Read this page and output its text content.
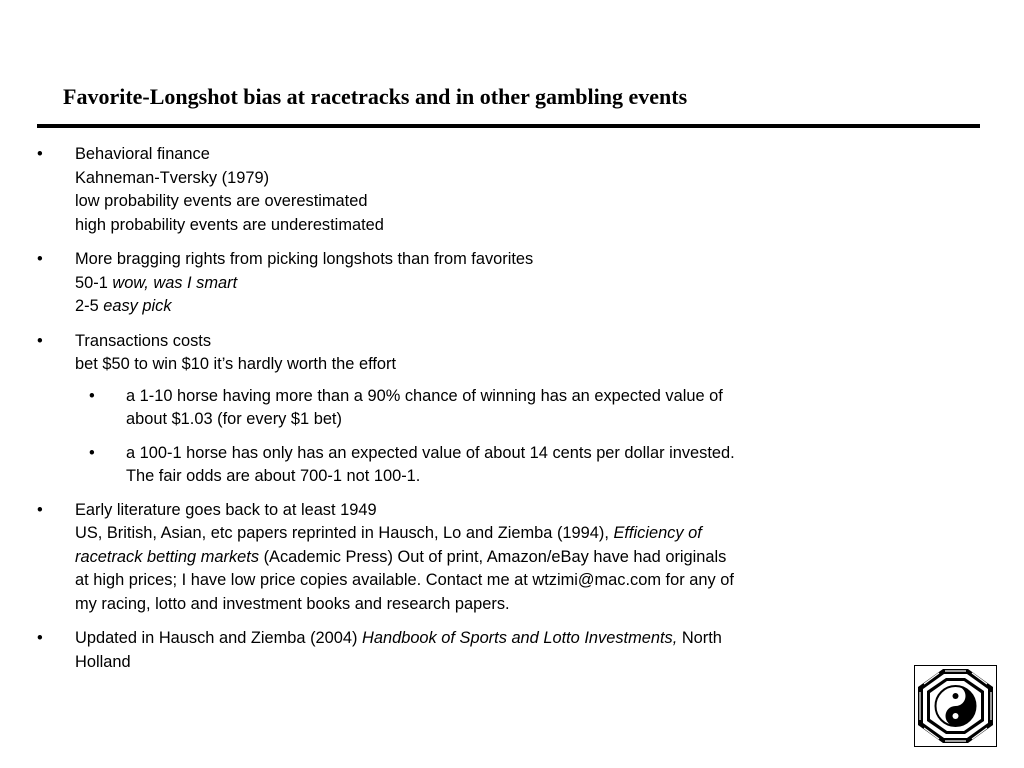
Favorite-Longshot bias at racetracks and in other gambling events
• Behavioral finance
Kahneman-Tversky (1979)
low probability events are overestimated
high probability events are underestimated
• More bragging rights from picking longshots than from favorites
50-1 wow, was I smart
2-5 easy pick
• Transactions costs
bet $50 to win $10 it’s hardly worth the effort
• a 1-10 horse having more than a 90% chance of winning has an expected value of
about $1.03 (for every $1 bet)
• a 100-1 horse has only has an expected value of about 14 cents per dollar invested.
The fair odds are about 700-1 not 100-1.
• Early literature goes back to at least 1949
US, British, Asian, etc papers reprinted in Hausch, Lo and Ziemba (1994), Efficiency of
racetrack betting markets (Academic Press) Out of print, Amazon/eBay have had originals
at high prices; I have low price copies available. Contact me at wtzimi@mac.com for any of
my racing, lotto and investment books and research papers.
• Updated in Hausch and Ziemba (2004) Handbook of Sports and Lotto Investments, North
Holland
